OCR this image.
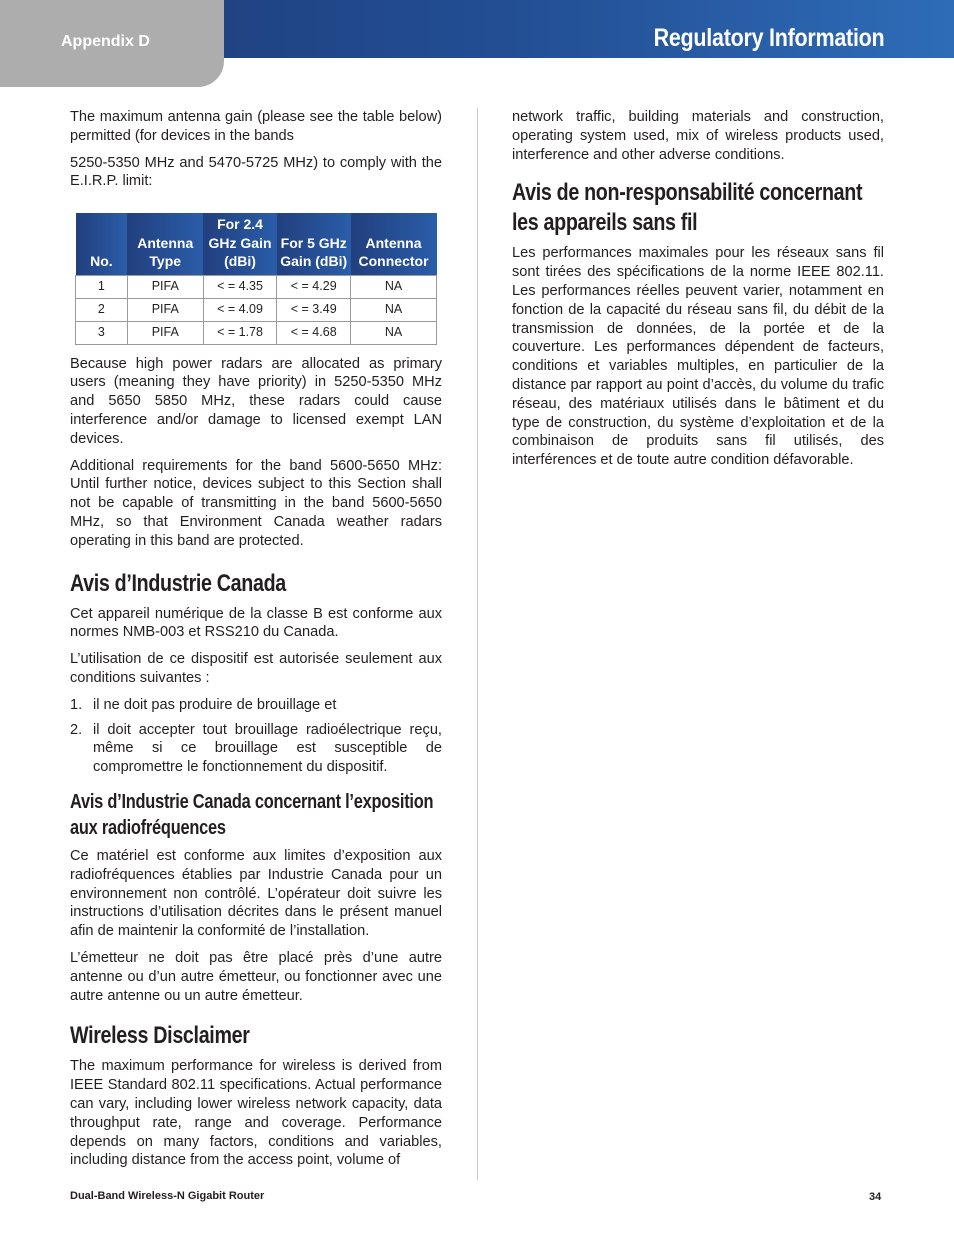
Appendix D	Regulatory Information

The maximum antenna gain (please see the table below) permitted (for devices in the bands

5250-5350 MHz and 5470-5725 MHz) to comply with the E.I.R.P. limit:

No.	Antenna Type	For 2.4 GHz Gain (dBi)	For 5 GHz Gain (dBi)	Antenna Connector
1	PIFA	< = 4.35	< = 4.29	NA
2	PIFA	< = 4.09	< = 3.49	NA
3	PIFA	< = 1.78	< = 4.68	NA

Because high power radars are allocated as primary users (meaning they have priority) in 5250-5350 MHz and 5650 5850 MHz, these radars could cause interference and/or damage to licensed exempt LAN devices.

Additional requirements for the band 5600-5650 MHz: Until further notice, devices subject to this Section shall not be capable of transmitting in the band 5600-5650 MHz, so that Environment Canada weather radars operating in this band are protected.

Avis d’Industrie Canada

Cet appareil numérique de la classe B est conforme aux normes NMB-003 et RSS210 du Canada.

L’utilisation de ce dispositif est autorisée seulement aux conditions suivantes :

1. il ne doit pas produire de brouillage et
2. il doit accepter tout brouillage radioélectrique reçu, même si ce brouillage est susceptible de compromettre le fonctionnement du dispositif.
Avis d’Industrie Canada concernant l’exposition aux radiofréquences

Ce matériel est conforme aux limites d’exposition aux radiofréquences établies par Industrie Canada pour un environnement non contrôlé. L’opérateur doit suivre les instructions d’utilisation décrites dans le présent manuel afin de maintenir la conformité de l’installation.

L’émetteur ne doit pas être placé près d’une autre antenne ou d’un autre émetteur, ou fonctionner avec une autre antenne ou un autre émetteur.

Wireless Disclaimer

The maximum performance for wireless is derived from IEEE Standard 802.11 specifications. Actual performance can vary, including lower wireless network capacity, data throughput rate, range and coverage. Performance depends on many factors, conditions and variables, including distance from the access point, volume of

network traffic, building materials and construction, operating system used, mix of wireless products used, interference and other adverse conditions.

Avis de non-responsabilité concernant les appareils sans fil

Les performances maximales pour les réseaux sans fil sont tirées des spécifications de la norme IEEE 802.11. Les performances réelles peuvent varier, notamment en fonction de la capacité du réseau sans fil, du débit de la transmission de données, de la portée et de la couverture. Les performances dépendent de facteurs, conditions et variables multiples, en particulier de la distance par rapport au point d’accès, du volume du trafic réseau, des matériaux utilisés dans le bâtiment et du type de construction, du système d’exploitation et de la combinaison de produits sans fil utilisés, des interférences et de toute autre condition défavorable.

Dual-Band Wireless-N Gigabit Router	34
